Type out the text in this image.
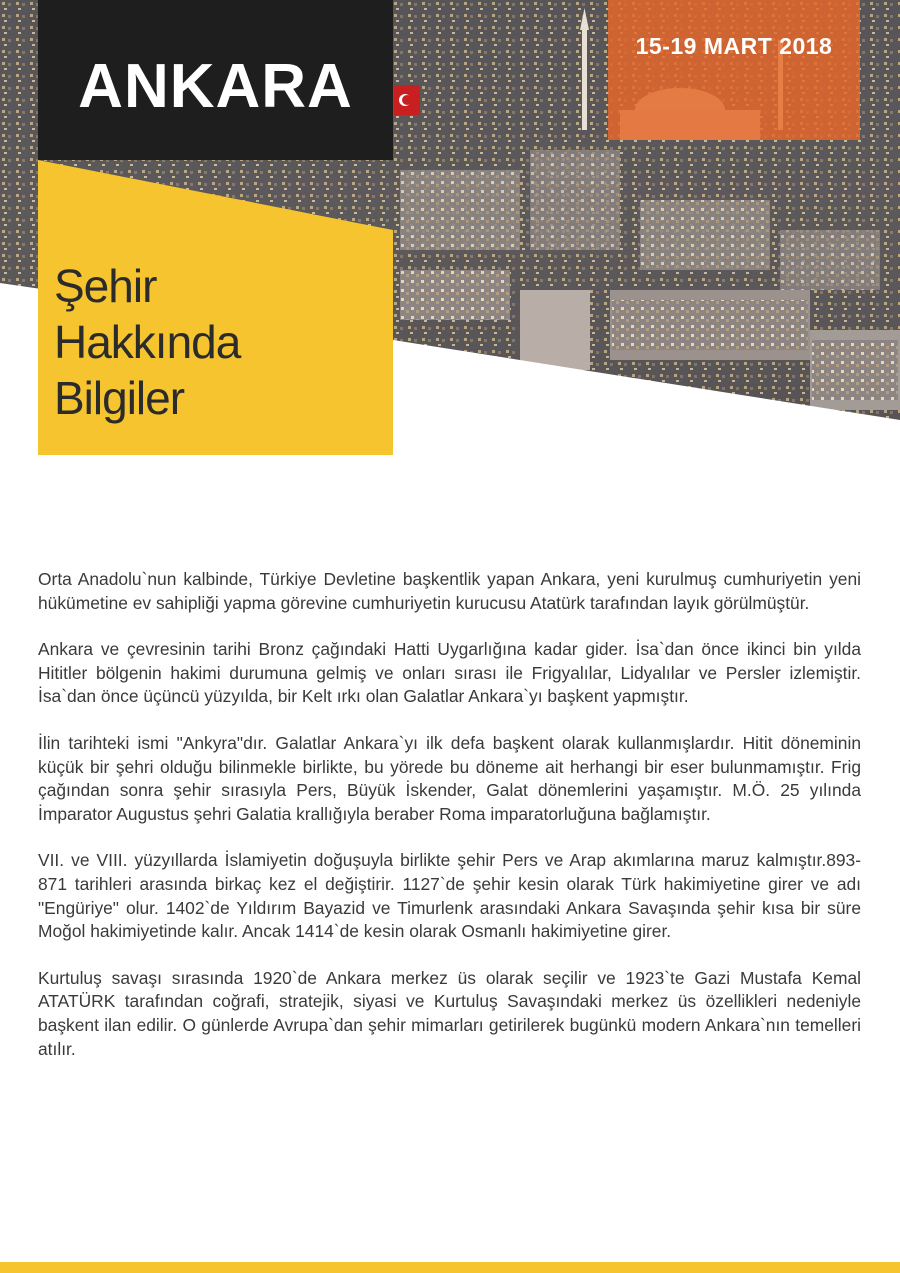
ANKARA
15-19 MART 2018
Şehir
Hakkında
Bilgiler

Orta Anadolu`nun kalbinde, Türkiye Devletine başkentlik yapan Ankara, yeni kurulmuş cumhuriyetin yeni hükümetine ev sahipliği yapma görevine cumhuriyetin kurucusu Atatürk tarafından layık görülmüştür.

Ankara ve çevresinin tarihi Bronz çağındaki Hatti Uygarlığına kadar gider. İsa`dan önce ikinci bin yılda Hititler bölgenin hakimi durumuna gelmiş ve onları sırası ile Frigyalılar, Lidyalılar ve Persler izlemiştir. İsa`dan önce üçüncü yüzyılda, bir Kelt ırkı olan Galatlar Ankara`yı başkent yapmıştır.

İlin tarihteki ismi "Ankyra"dır. Galatlar Ankara`yı ilk defa başkent olarak kullanmışlardır. Hitit döneminin küçük bir şehri olduğu bilinmekle birlikte, bu yörede bu döneme ait herhangi bir eser bulunmamıştır. Frig çağından sonra şehir sırasıyla Pers, Büyük İskender, Galat dönemlerini yaşamıştır. M.Ö. 25 yılında İmparator Augustus şehri Galatia krallığıyla beraber Roma imparatorluğuna bağlamıştır.

VII. ve VIII. yüzyıllarda İslamiyetin doğuşuyla birlikte şehir Pers ve Arap akımlarına maruz kalmıştır.893-871 tarihleri arasında birkaç kez el değiştirir. 1127`de şehir kesin olarak Türk hakimiyetine girer ve adı "Engüriye" olur. 1402`de Yıldırım Bayazid ve Timurlenk arasındaki Ankara Savaşında şehir kısa bir süre Moğol hakimiyetinde kalır. Ancak 1414`de kesin olarak Osmanlı hakimiyetine girer.

Kurtuluş savaşı sırasında 1920`de Ankara merkez üs olarak seçilir ve 1923`te Gazi Mustafa Kemal ATATÜRK tarafından coğrafi, stratejik, siyasi ve Kurtuluş Savaşındaki merkez üs özellikleri nedeniyle başkent ilan edilir. O günlerde Avrupa`dan şehir mimarları getirilerek bugünkü modern Ankara`nın temelleri atılır.
